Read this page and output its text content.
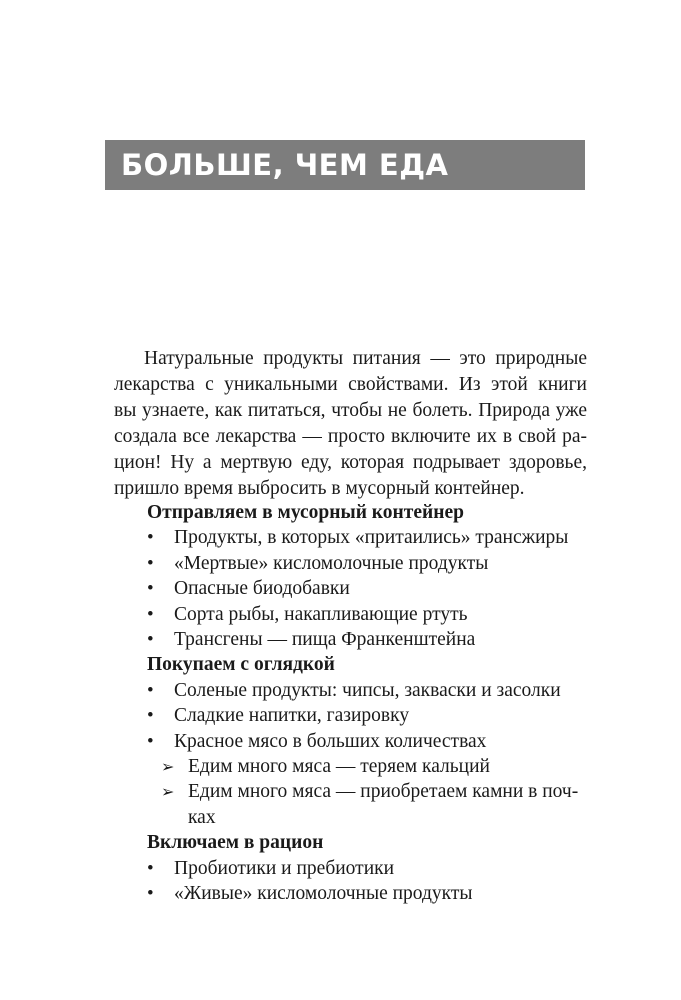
БОЛЬШЕ, ЧЕМ ЕДА

Натуральные продукты питания — это природные
лекарства с уникальными свойствами. Из этой книги
вы узнаете, как питаться, чтобы не болеть. Природа уже
создала все лекарства — просто включите их в свой ра-
цион! Ну а мертвую еду, которая подрывает здоровье,
пришло время выбросить в мусорный контейнер.

Отправляем в мусорный контейнер

• Продукты, в которых «притаились» трансжиры
• «Мертвые» кисломолочные продукты
• Опасные биодобавки
• Сорта рыбы, накапливающие ртуть
• Трансгены — пища Франкенштейна

Покупаем с оглядкой

• Соленые продукты: чипсы, закваски и засолки
• Сладкие напитки, газировку
• Красное мясо в больших количествах
➢ Едим много мяса — теряем кальций
➢ Едим много мяса — приобретаем камни в поч-
ках

Включаем в рацион

• Пробиотики и пребиотики
• «Живые» кисломолочные продукты
